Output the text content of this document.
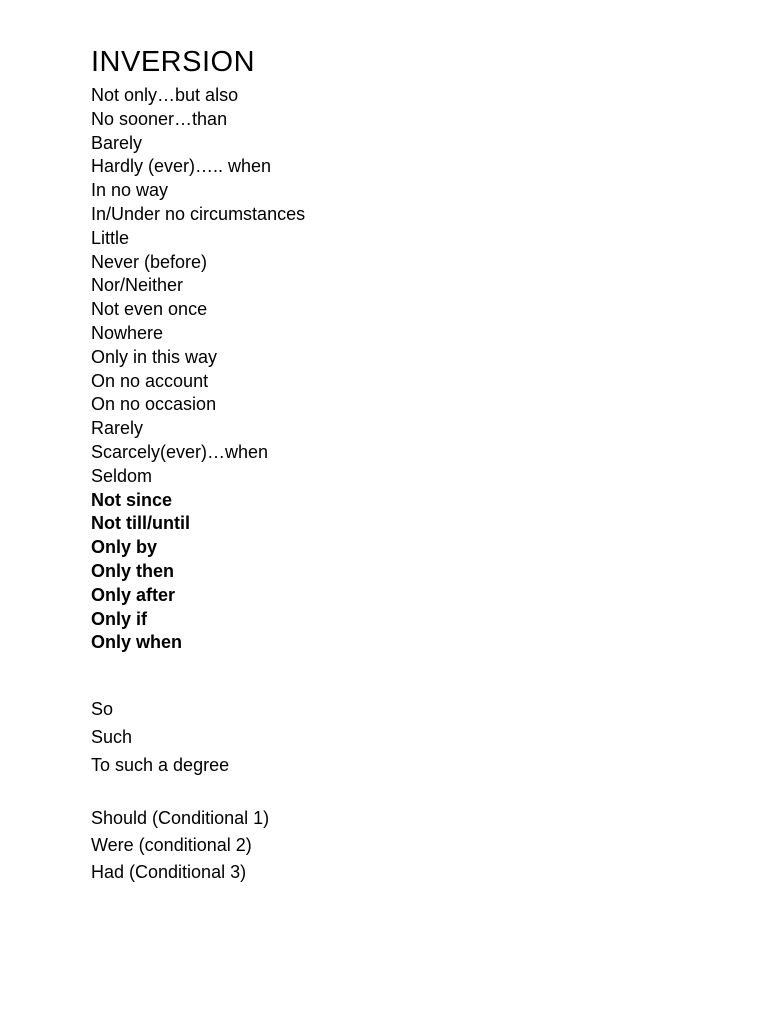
INVERSION
Not only…but also
No sooner…than
Barely
Hardly (ever)….. when
In no way
In/Under no circumstances
Little
Never (before)
Nor/Neither
Not even once
Nowhere
Only in this way
On no account
On no occasion
Rarely
Scarcely(ever)…when
Seldom
Not since
Not till/until
Only by
Only then
Only after
Only if
Only when
So
Such
To such a degree
Should (Conditional 1)
Were (conditional 2)
Had (Conditional 3)
